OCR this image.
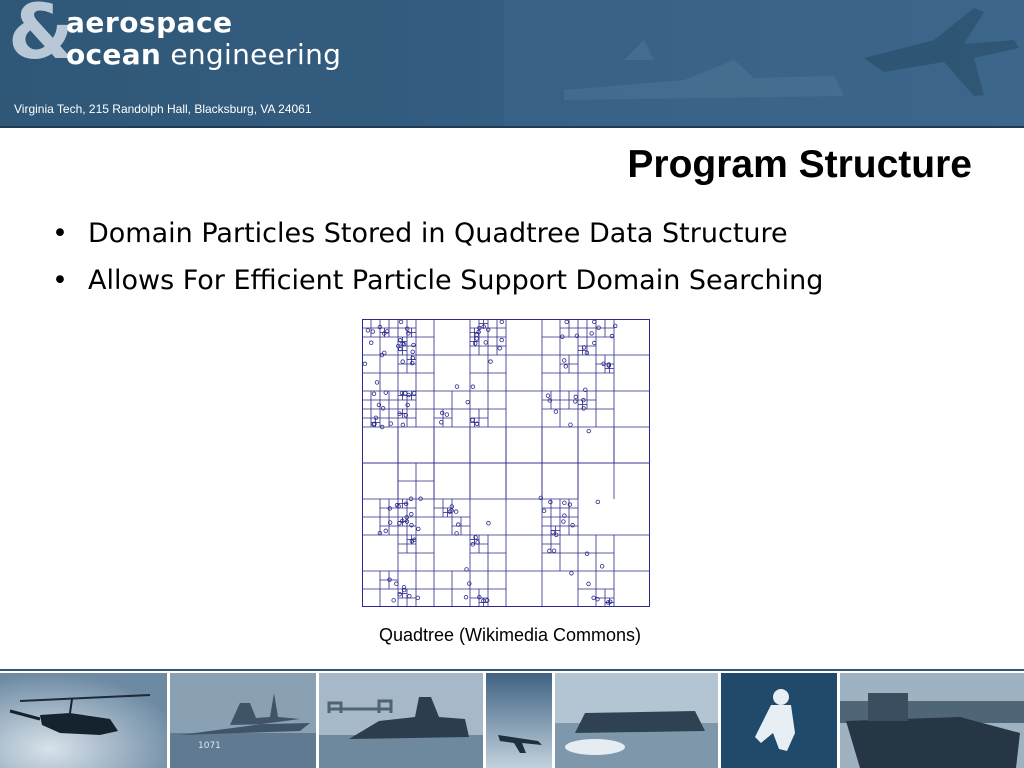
&
aerospace
ocean engineering
Virginia Tech, 215 Randolph Hall, Blacksburg, VA 24061
Program Structure
• Domain Particles Stored in Quadtree Data Structure
• Allows For Efficient Particle Support Domain Searching
Quadtree (Wikimedia Commons)
1071
